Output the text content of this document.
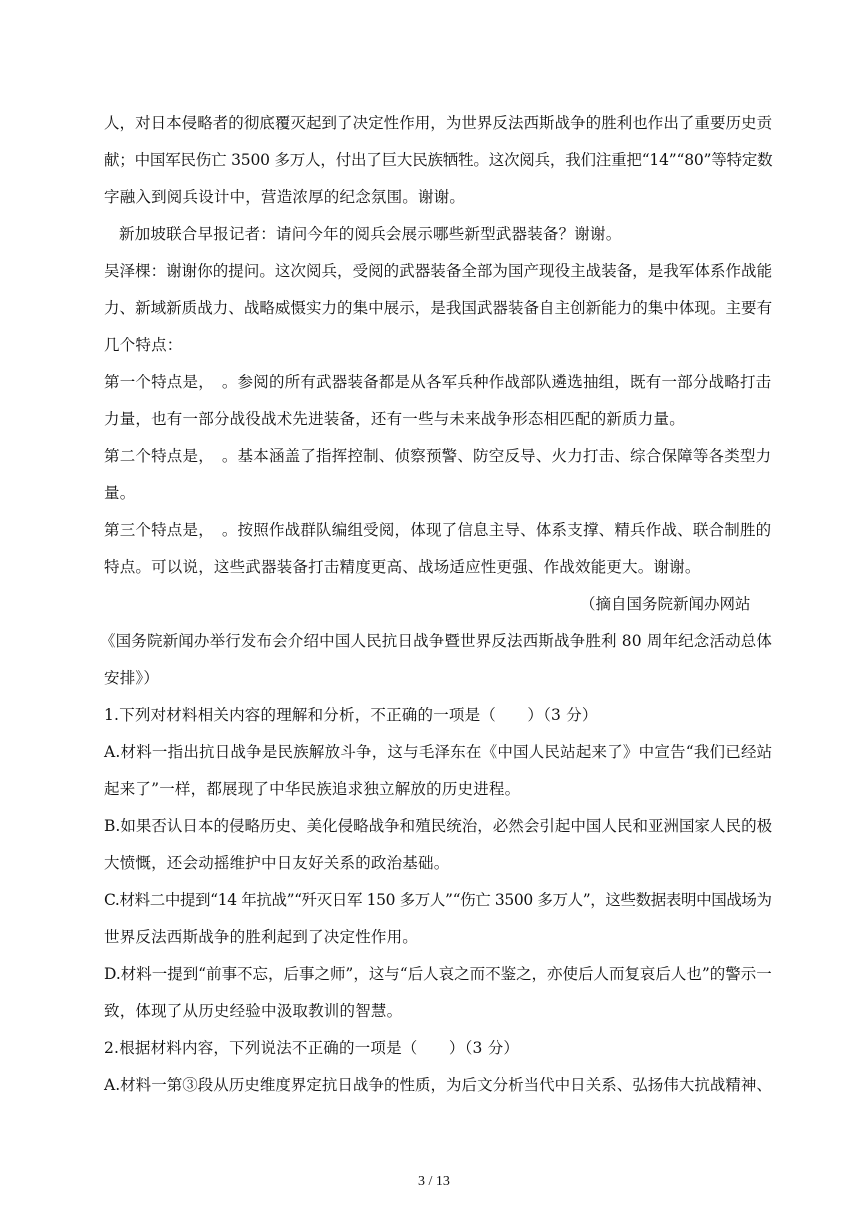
人，对日本侵略者的彻底覆灭起到了决定性作用，为世界反法西斯战争的胜利也作出了重要历史贡
献；中国军民伤亡 3500 多万人，付出了巨大民族牺牲。这次阅兵，我们注重把“14”“80”等特定数
字融入到阅兵设计中，营造浓厚的纪念氛围。谢谢。
新加坡联合早报记者：请问今年的阅兵会展示哪些新型武器装备？谢谢。
吴泽棵：谢谢你的提问。这次阅兵，受阅的武器装备全部为国产现役主战装备，是我军体系作战能
力、新域新质战力、战略威慑实力的集中展示，是我国武器装备自主创新能力的集中体现。主要有
几个特点：
第一个特点是，　。参阅的所有武器装备都是从各军兵种作战部队遴选抽组，既有一部分战略打击
力量，也有一部分战役战术先进装备，还有一些与未来战争形态相匹配的新质力量。
第二个特点是，　。基本涵盖了指挥控制、侦察预警、防空反导、火力打击、综合保障等各类型力
量。
第三个特点是，　。按照作战群队编组受阅，体现了信息主导、体系支撑、精兵作战、联合制胜的
特点。可以说，这些武器装备打击精度更高、战场适应性更强、作战效能更大。谢谢。
（摘自国务院新闻办网站
《国务院新闻办举行发布会介绍中国人民抗日战争暨世界反法西斯战争胜利 80 周年纪念活动总体
安排》）
1.下列对材料相关内容的理解和分析，不正确的一项是（　　）（3 分）
A.材料一指出抗日战争是民族解放斗争，这与毛泽东在《中国人民站起来了》中宣告“我们已经站
起来了”一样，都展现了中华民族追求独立解放的历史进程。
B.如果否认日本的侵略历史、美化侵略战争和殖民统治，必然会引起中国人民和亚洲国家人民的极
大愤慨，还会动摇维护中日友好关系的政治基础。
C.材料二中提到“14 年抗战”“歼灭日军 150 多万人”“伤亡 3500 多万人”，这些数据表明中国战场为
世界反法西斯战争的胜利起到了决定性作用。
D.材料一提到“前事不忘，后事之师”，这与“后人哀之而不鉴之，亦使后人而复哀后人也”的警示一
致，体现了从历史经验中汲取教训的智慧。
2.根据材料内容，下列说法不正确的一项是（　　）（3 分）
A.材料一第③段从历史维度界定抗日战争的性质，为后文分析当代中日关系、弘扬伟大抗战精神、
3 / 13
